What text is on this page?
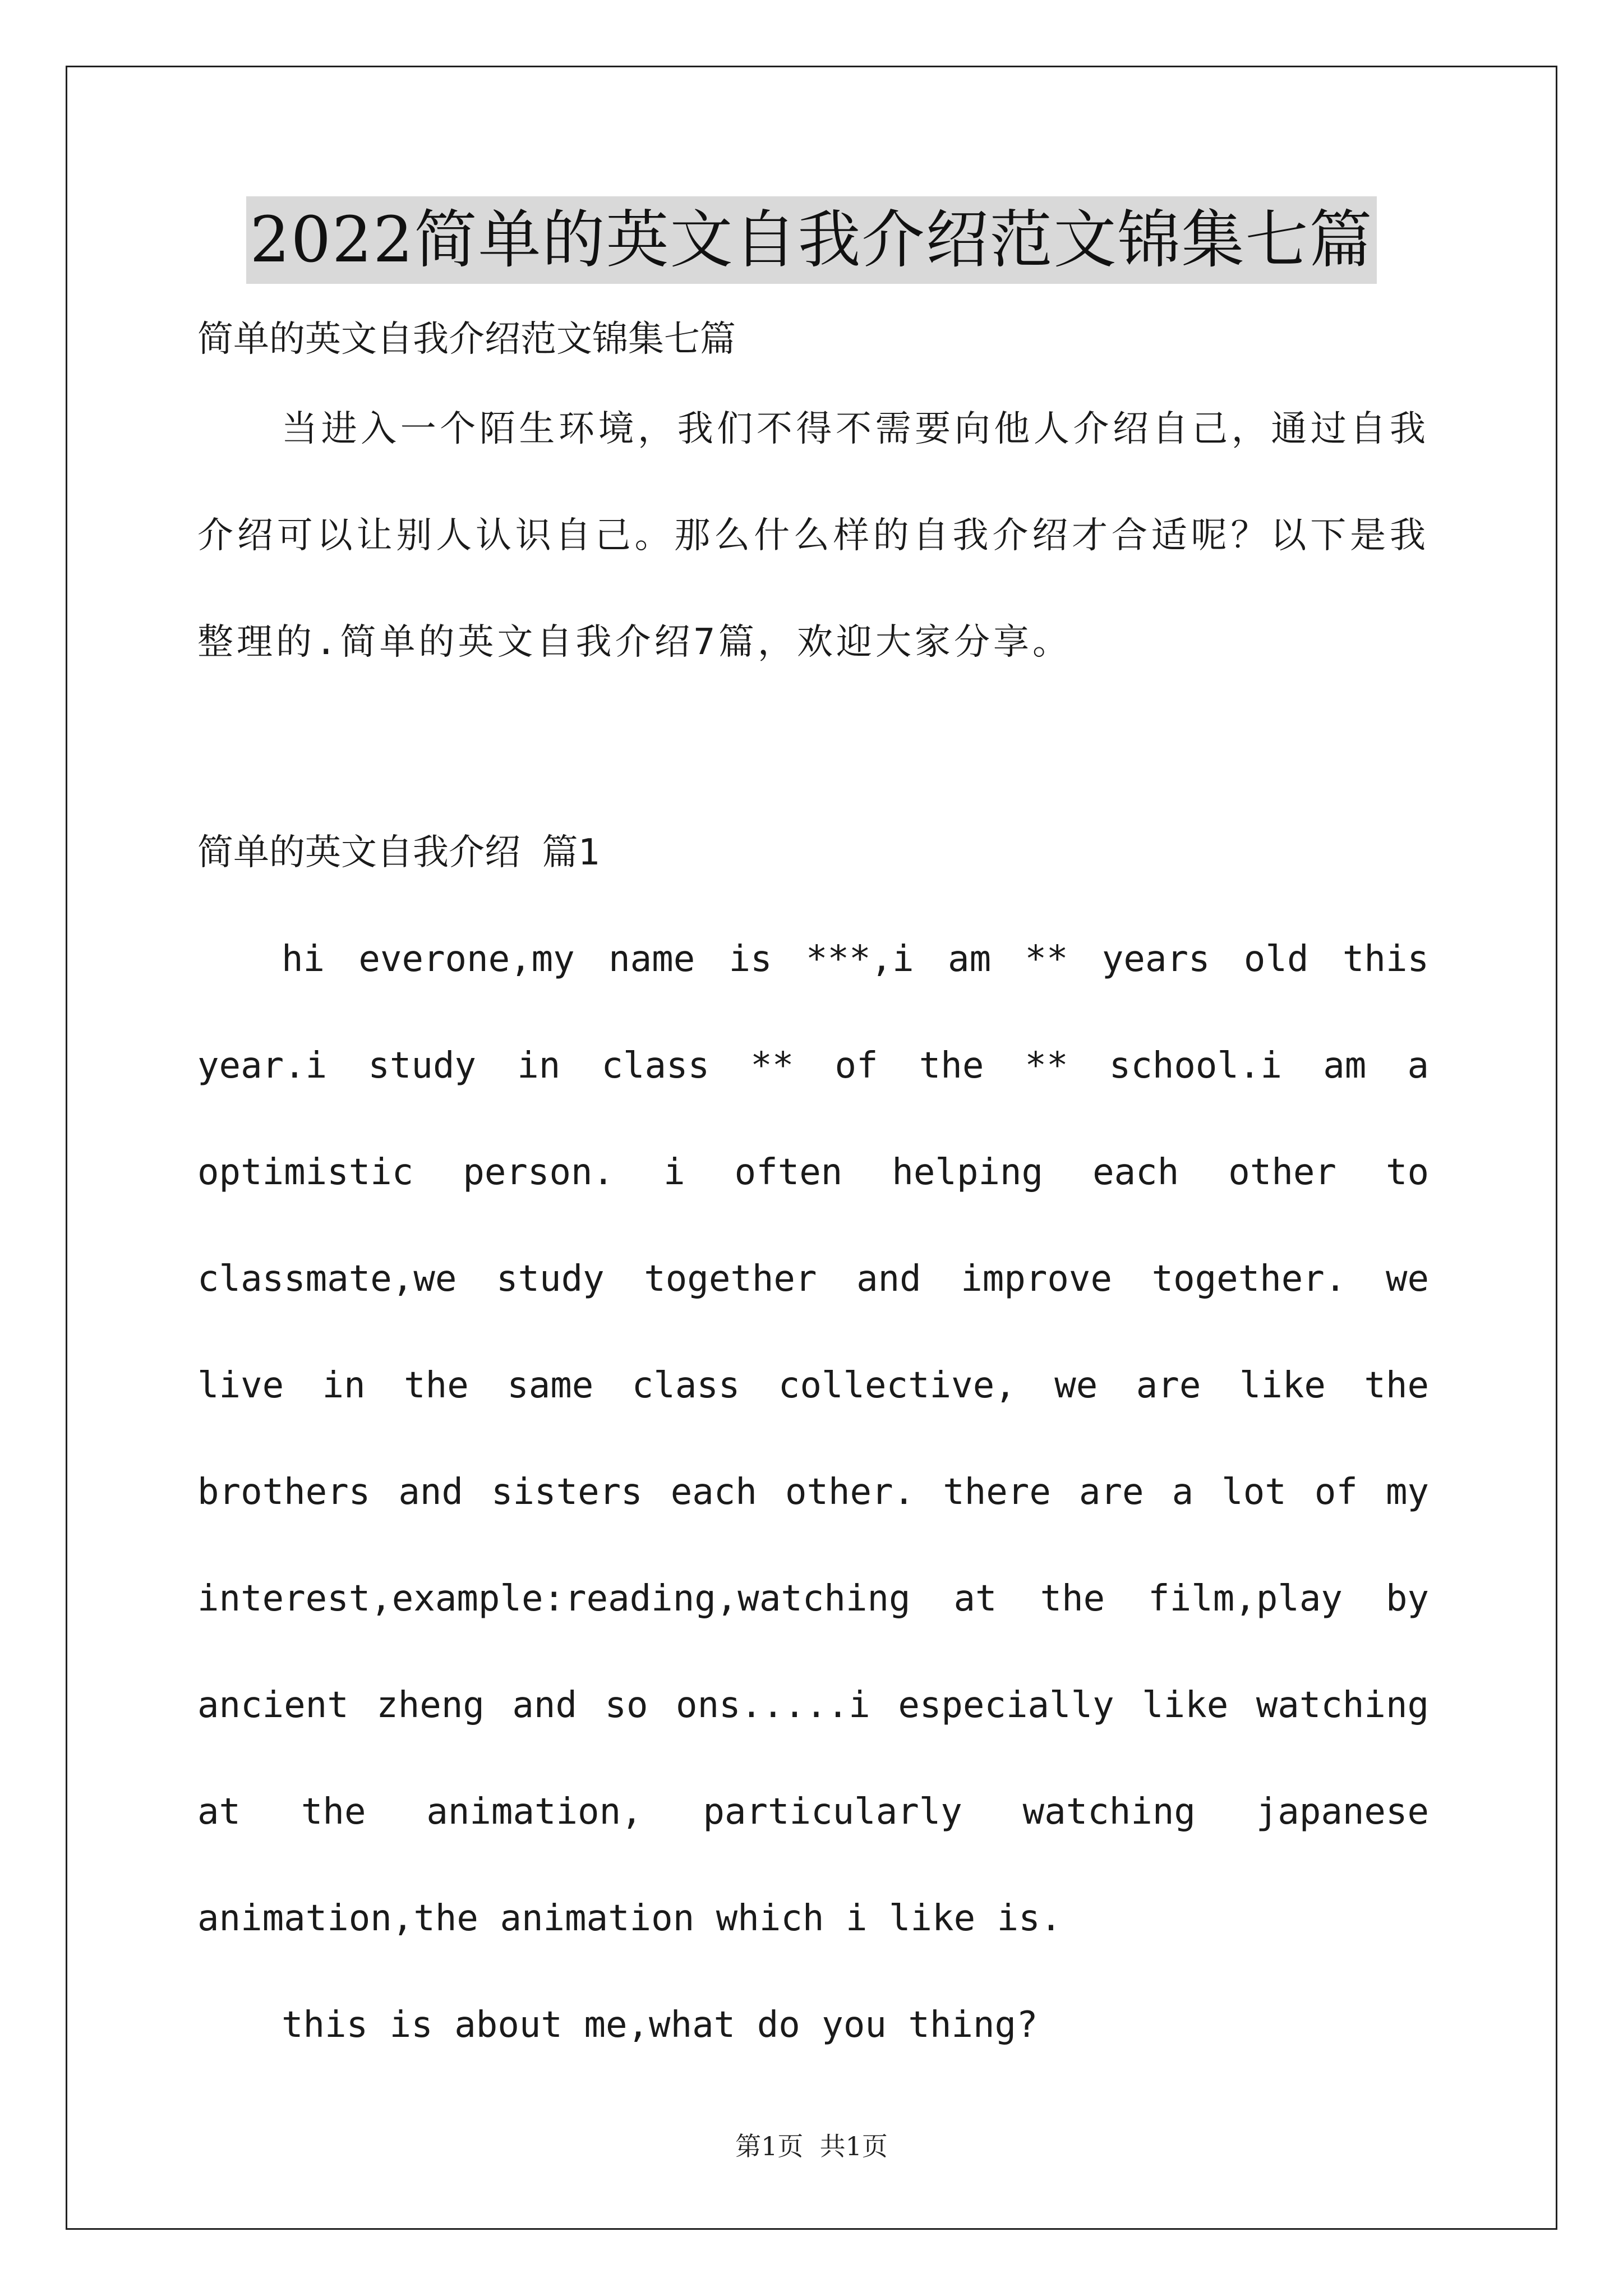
2022简单的英文自我介绍范文锦集七篇
简单的英文自我介绍范文锦集七篇

当进入一个陌生环境，我们不得不需要向他人介绍自己，通过自我介绍可以让别人认识自己。那么什么样的自我介绍才合适呢？以下是我整理的.简单的英文自我介绍7篇，欢迎大家分享。

简单的英文自我介绍 篇1

hi everone,my name is ***,i am ** years old this year.i study in class ** of the ** school.i am a optimistic person. i often helping each other to classmate,we study together and improve together. we live in the same class collective, we are like the brothers and sisters each other. there are a lot of my interest,example:reading,watching at the film,play by ancient zheng and so ons.....i especially like watching at the animation, particularly watching japanese animation,the animation which i like is.

this is about me,what do you thing?

第1页  共1页
